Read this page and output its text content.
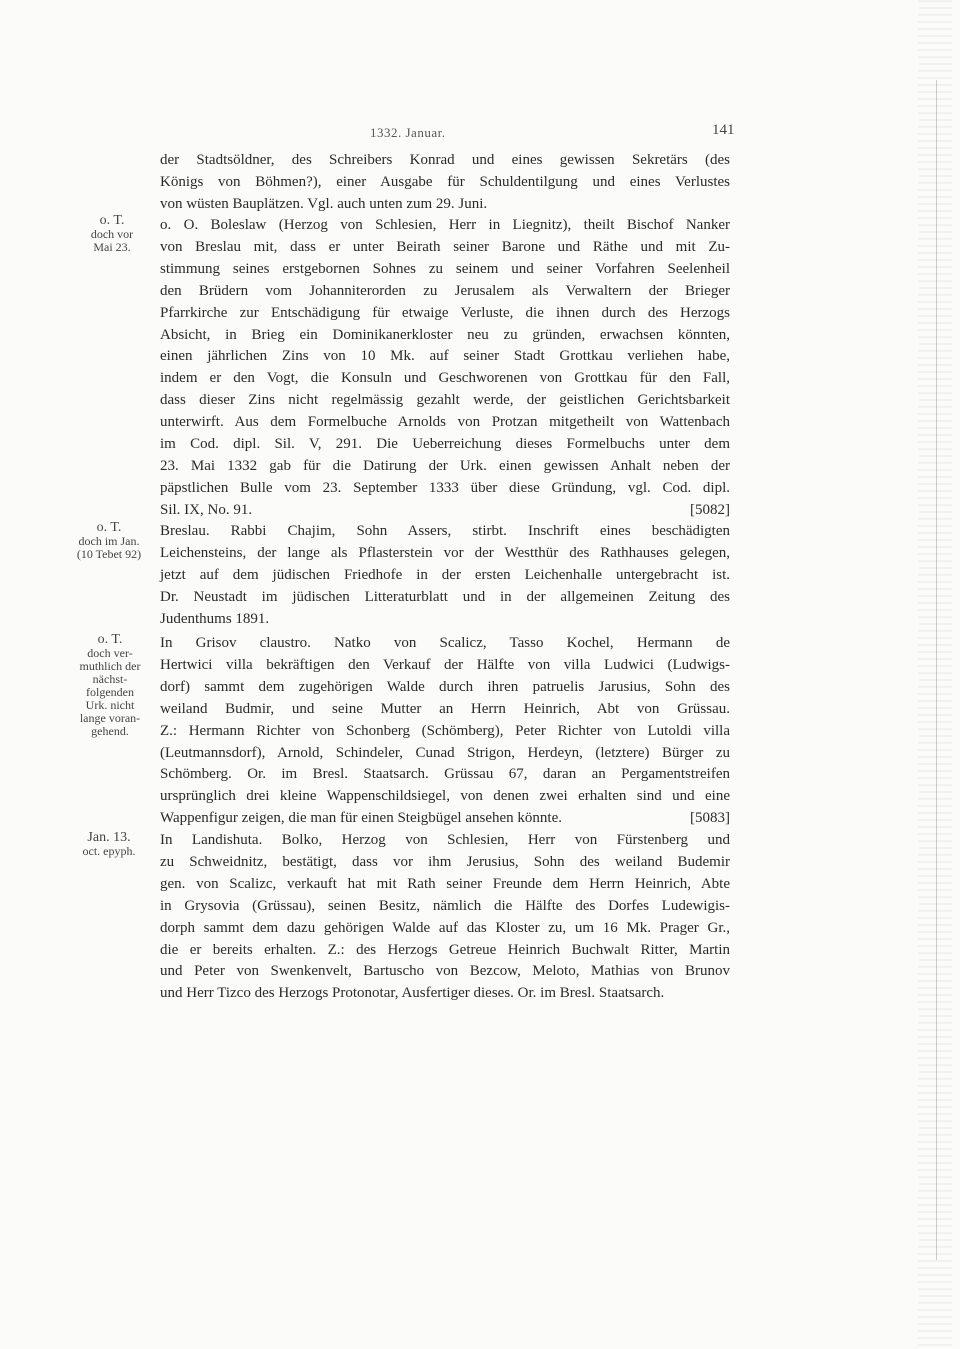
1332. Januar.	141
der Stadtsöldner, des Schreibers Konrad und eines gewissen Sekretärs (des
Königs von Böhmen?), einer Ausgabe für Schuldentilgung und eines Verlustes
von wüsten Bauplätzen. Vgl. auch unten zum 29. Juni.
o. T.
doch vor
Mai 23.
o. O. Boleslaw (Herzog von Schlesien, Herr in Liegnitz), theilt Bischof Nanker
von Breslau mit, dass er unter Beirath seiner Barone und Räthe und mit Zu-
stimmung seines erstgebornen Sohnes zu seinem und seiner Vorfahren Seelenheil
den Brüdern vom Johanniterorden zu Jerusalem als Verwaltern der Brieger
Pfarrkirche zur Entschädigung für etwaige Verluste, die ihnen durch des Herzogs
Absicht, in Brieg ein Dominikanerkloster neu zu gründen, erwachsen könnten,
einen jährlichen Zins von 10 Mk. auf seiner Stadt Grottkau verliehen habe,
indem er den Vogt, die Konsuln und Geschworenen von Grottkau für den Fall,
dass dieser Zins nicht regelmässig gezahlt werde, der geistlichen Gerichtsbarkeit
unterwirft. Aus dem Formelbuche Arnolds von Protzan mitgetheilt von Wattenbach
im Cod. dipl. Sil. V, 291. Die Ueberreichung dieses Formelbuchs unter dem
23. Mai 1332 gab für die Datirung der Urk. einen gewissen Anhalt neben der
päpstlichen Bulle vom 23. September 1333 über diese Gründung, vgl. Cod. dipl.
Sil. IX, No. 91.	[5082]
o. T.
doch im Jan.
(10 Tebet 92)
Breslau. Rabbi Chajim, Sohn Assers, stirbt. Inschrift eines beschädigten
Leichensteins, der lange als Pflasterstein vor der Westthür des Rathhauses gelegen,
jetzt auf dem jüdischen Friedhofe in der ersten Leichenhalle untergebracht ist.
Dr. Neustadt im jüdischen Litteraturblatt und in der allgemeinen Zeitung des
Judenthums 1891.
o. T.
doch ver-
muthlich der
nächst-
folgenden
Urk. nicht
lange voran-
gehend.
In Grisov claustro. Natko von Scalicz, Tasso Kochel, Hermann de
Hertwici villa bekräftigen den Verkauf der Hälfte von villa Ludwici (Ludwigs-
dorf) sammt dem zugehörigen Walde durch ihren patruelis Jarusius, Sohn des
weiland Budmir, und seine Mutter an Herrn Heinrich, Abt von Grüssau.
Z.: Hermann Richter von Schonberg (Schömberg), Peter Richter von Lutoldi villa
(Leutmannsdorf), Arnold, Schindeler, Cunad Strigon, Herdeyn, (letztere) Bürger zu
Schömberg. Or. im Bresl. Staatsarch. Grüssau 67, daran an Pergamentstreifen
ursprünglich drei kleine Wappenschildsiegel, von denen zwei erhalten sind und eine
Wappenfigur zeigen, die man für einen Steigbügel ansehen könnte.	[5083]
Jan. 13.
oct. epyph.
In Landishuta. Bolko, Herzog von Schlesien, Herr von Fürstenberg und
zu Schweidnitz, bestätigt, dass vor ihm Jerusius, Sohn des weiland Budemir
gen. von Scalizc, verkauft hat mit Rath seiner Freunde dem Herrn Heinrich, Abte
in Grysovia (Grüssau), seinen Besitz, nämlich die Hälfte des Dorfes Ludewigis-
dorph sammt dem dazu gehörigen Walde auf das Kloster zu, um 16 Mk. Prager Gr.,
die er bereits erhalten. Z.: des Herzogs Getreue Heinrich Buchwalt Ritter, Martin
und Peter von Swenkenvelt, Bartuscho von Bezcow, Meloto, Mathias von Brunov
und Herr Tizco des Herzogs Protonotar, Ausfertiger dieses. Or. im Bresl. Staatsarch.
